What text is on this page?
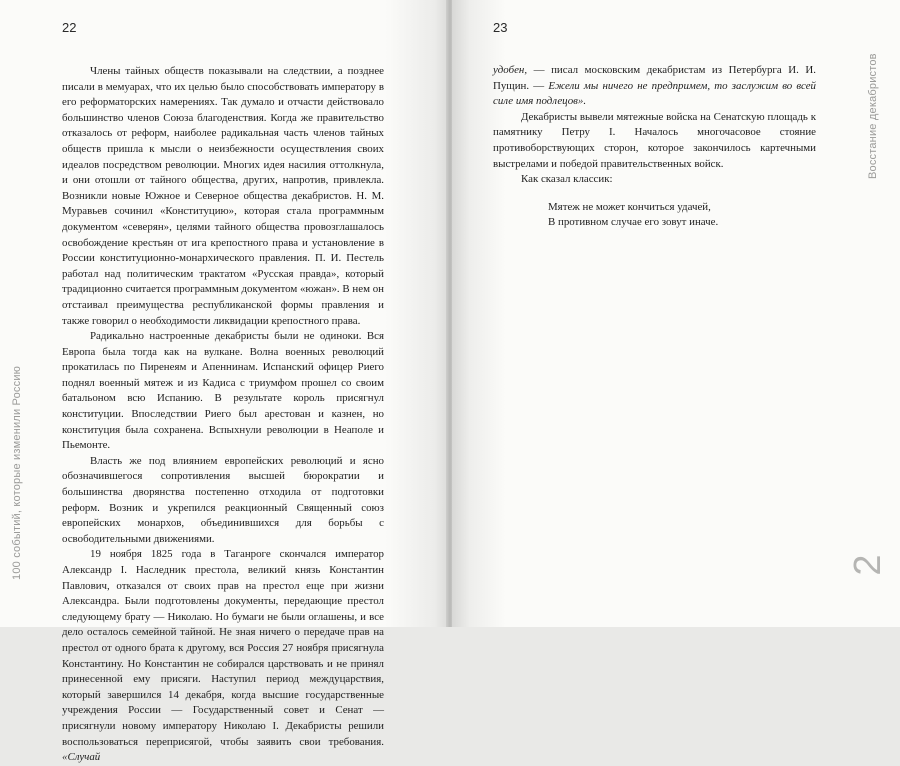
22
100 событий, которые изменили Россию

Члены тайных обществ показывали на следствии, а позднее писали в мемуарах, что их целью было способствовать императору в его реформаторских намерениях. Так думало и отчасти действовало большинство членов Союза благоденствия. Когда же правительство отказалось от реформ, наиболее радикальная часть членов тайных обществ пришла к мысли о неизбежности осуществления своих идеалов посредством революции. Многих идея насилия оттолкнула, и они отошли от тайного общества, других, напротив, привлекла. Возникли новые Южное и Северное общества декабристов. Н. М. Муравьев сочинил «Конституцию», которая стала программным документом «северян», целями тайного общества провозглашалось освобождение крестьян от ига крепостного права и установление в России конституционно-монархического правления. П. И. Пестель работал над политическим трактатом «Русская правда», который традиционно считается программным документом «южан». В нем он отстаивал преимущества республиканской формы правления и также говорил о необходимости ликвидации крепостного права.

Радикально настроенные декабристы были не одиноки. Вся Европа была тогда как на вулкане. Волна военных революций прокатилась по Пиренеям и Апеннинам. Испанский офицер Риего поднял военный мятеж и из Кадиса с триумфом прошел со своим батальоном всю Испанию. В результате король присягнул конституции. Впоследствии Риего был арестован и казнен, но конституция была сохранена. Вспыхнули революции в Неаполе и Пьемонте.

Власть же под влиянием европейских революций и ясно обозначившегося сопротивления высшей бюрократии и большинства дворянства постепенно отходила от подготовки реформ. Возник и укрепился реакционный Священный союз европейских монархов, объединившихся для борьбы с освободительными движениями.

19 ноября 1825 года в Таганроге скончался император Александр I. Наследник престола, великий князь Константин Павлович, отказался от своих прав на престол еще при жизни Александра. Были подготовлены документы, передающие престол следующему брату — Николаю. Но бумаги не были оглашены, и все дело осталось семейной тайной. Не зная ничего о передаче прав на престол от одного брата к другому, вся Россия 27 ноября присягнула Константину. Но Константин не собирался царствовать и не принял принесенной ему присяги. Наступил период междуцарствия, который завершился 14 декабря, когда высшие государственные учреждения России — Государственный совет и Сенат — присягнули новому императору Николаю I. Декабристы решили воспользоваться переприсягой, чтобы заявить свои требования. «Случай

23
Восстание декабристов
2

удобен, — писал московским декабристам из Петербурга И. И. Пущин. — Ежели мы ничего не предпримем, то заслужим во всей силе имя подлецов».

Декабристы вывели мятежные войска на Сенатскую площадь к памятнику Петру I. Началось многочасовое стояние противоборствующих сторон, которое закончилось картечными выстрелами и победой правительственных войск.

Как сказал классик:

Мятеж не может кончиться удачей,
В противном случае его зовут иначе.
